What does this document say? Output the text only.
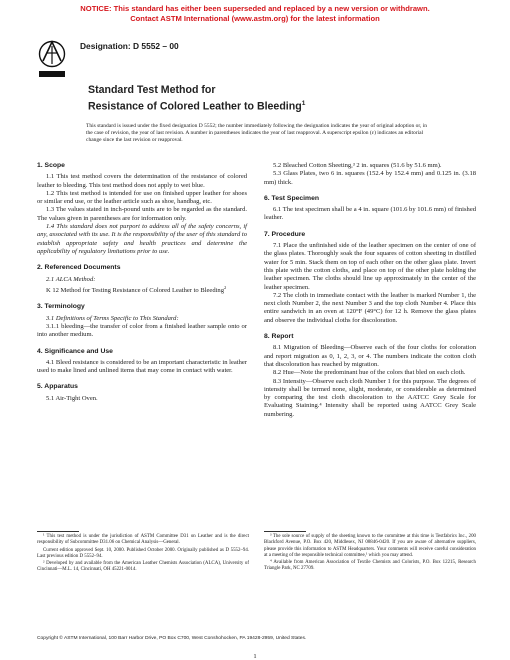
NOTICE: This standard has either been superseded and replaced by a new version or withdrawn.
Contact ASTM International (www.astm.org) for the latest information
Designation: D 5552 – 00
Standard Test Method for
Resistance of Colored Leather to Bleeding$^1$
This standard is issued under the fixed designation D 5552; the number immediately following the designation indicates the year of original adoption or, in the case of revision, the year of last revision. A number in parentheses indicates the year of last reapproval. A superscript epsilon (ε) indicates an editorial change since the last revision or reapproval.
1. Scope

1.1 This test method covers the determination of the resistance of colored leather to bleeding. This test method does not apply to wet blue.

1.2 This test method is intended for use on finished upper leather for shoes or similar end use, or the leather article such as shoe, handbag, etc.

1.3 The values stated in inch-pound units are to be regarded as the standard. The values given in parentheses are for information only.

1.4 This standard does not purport to address all of the safety concerns, if any, associated with its use. It is the responsibility of the user of this standard to establish appropriate safety and health practices and determine the applicability of regulatory limitations prior to use.

2. Referenced Documents

2.1 ALCA Method:

K 12 Method for Testing Resistance of Colored Leather to Bleeding$^2$

3. Terminology

3.1 Definitions of Terms Specific to This Standard:

3.1.1 bleeding—the transfer of color from a finished leather sample onto or into another medium.

4. Significance and Use

4.1 Bleed resistance is considered to be an important characteristic in leather used to make lined and unlined items that may come in contact with water.

5. Apparatus

5.1 Air-Tight Oven.

5.2 Bleached Cotton Sheeting,³ 2 in. squares (51.6 by 51.6 mm).

5.3 Glass Plates, two 6 in. squares (152.4 by 152.4 mm) and 0.125 in. (3.18 mm) thick.

6. Test Specimen

6.1 The test specimen shall be a 4 in. square (101.6 by 101.6 mm) of finished leather.

7. Procedure

7.1 Place the unfinished side of the leather specimen on the center of one of the glass plates. Thoroughly soak the four squares of cotton sheeting in distilled water for 5 min. Stack them on top of each other on the other glass plate. Invert this plate with the cotton cloths, and place on top of the other plate holding the leather specimen. The cloths should line up approximately in the center of the leather specimen.

7.2 The cloth in immediate contact with the leather is marked Number 1, the next cloth Number 2, the next Number 3 and the top cloth Number 4. Place this entire sandwich in an oven at 120°F (49°C) for 12 h. Remove the glass plates and observe the individual cloths for discoloration.

8. Report

8.1 Migration of Bleeding—Observe each of the four cloths for coloration and report migration as 0, 1, 2, 3, or 4. The numbers indicate the cotton cloth that discoloration has reached by migration.

8.2 Hue—Note the predominant hue of the colors that bled on each cloth.

8.3 Intensity—Observe each cloth Number 1 for this purpose. The degrees of intensity shall be termed none, slight, moderate, or considerable as determined by comparing the test cloth discoloration to the AATCC Grey Scale for Evaluating Staining.⁴ Intensity shall be reported using AATCC Grey Scale numbering.

¹ This test method is under the jurisdiction of ASTM Committee D31 on Leather and is the direct responsibility of Subcommittee D31.06 on Chemical Analysis—General.

Current edition approved Sept. 10, 2000. Published October 2000. Originally published as D 5552–94. Last previous edition D 5552–94.

² Developed by and available from the American Leather Chemists Association (ALCA), University of Cincinnati—M.L. 14, Cincinnati, OH 45221-0014.

³ The sole source of supply of the sheeting known to the committee at this time is Testfabrics Inc., 200 Blackford Avenue, P.O. Box 420, Middlesex, NJ 08846-0420. If you are aware of alternative suppliers, please provide this information to ASTM Headquarters. Your comments will receive careful consideration at a meeting of the responsible technical committee,¹ which you may attend.

⁴ Available from American Association of Textile Chemists and Colorists, P.O. Box 12215, Research Triangle Park, NC 27709.

Copyright © ASTM International, 100 Barr Harbor Drive, PO Box C700, West Conshohocken, PA 19428-2959, United States.
1
